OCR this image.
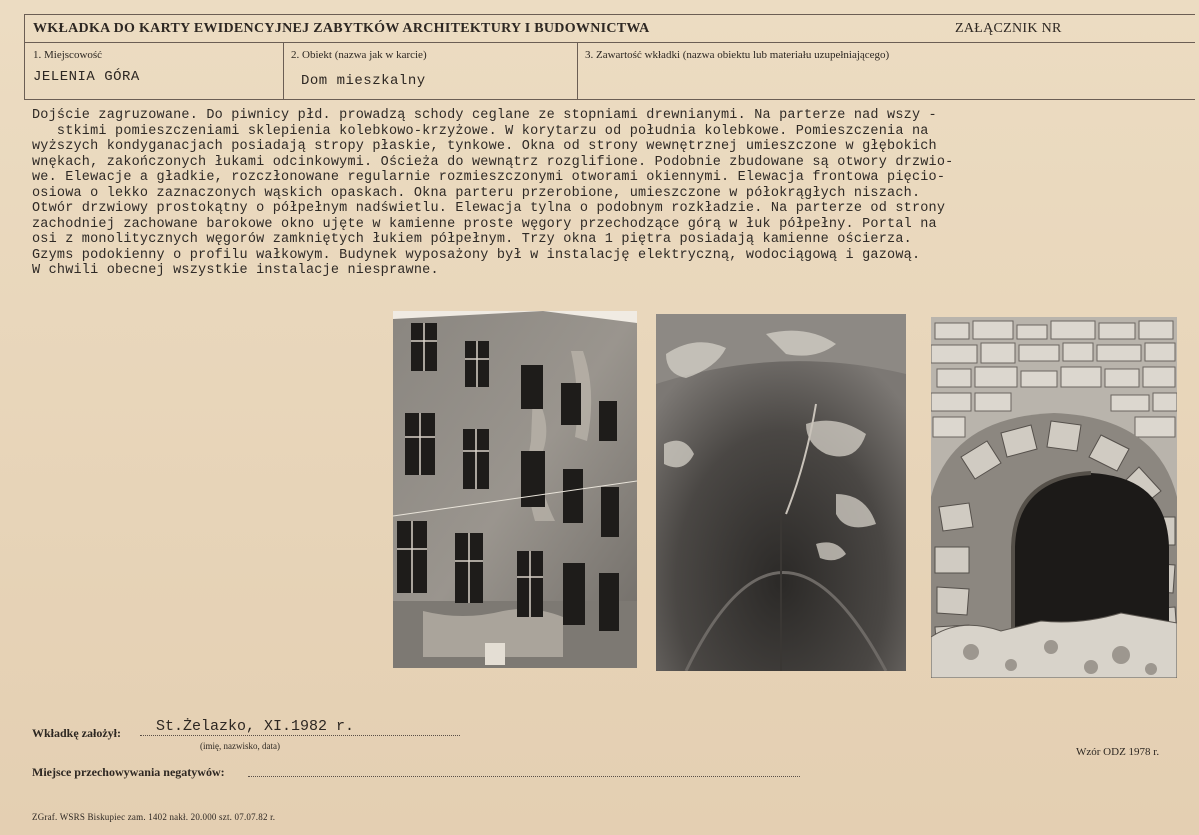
WKŁADKA DO KARTY EWIDENCYJNEJ ZABYTKÓW ARCHITEKTURY I BUDOWNICTWA	ZAŁĄCZNIK NR
1. Miejscowość
JELENIA GÓRA
2. Obiekt (nazwa jak w karcie)
Dom mieszkalny
3. Zawartość wkładki (nazwa obiektu lub materiału uzupełniającego)
Dojście zagruzowane. Do piwnicy płd. prowadzą schody ceglane ze stopniami drewnianymi. Na parterze nad wszy -
stkimi pomieszczeniami sklepienia kolebkowo-krzyżowe. W korytarzu od południa kolebkowe. Pomieszczenia na
wyższych kondyganacjach posiadają stropy płaskie, tynkowe. Okna od strony wewnętrznej umieszczone w głębokich
wnękach, zakończonych łukami odcinkowymi. Ościeża do wewnątrz rozglifione. Podobnie zbudowane są otwory drzwio-
we. Elewacje a gładkie, rozczłonowane regularnie rozmieszczonymi otworami okiennymi. Elewacja frontowa pięcio-
osiowa o lekko zaznaczonych wąskich opaskach. Okna parteru przerobione, umieszczone w półokrągłych niszach.
Otwór drzwiowy prostokątny o półpełnym nadświetlu. Elewacja tylna o podobnym rozkładzie. Na parterze od strony
zachodniej zachowane barokowe okno ujęte w kamienne proste węgory przechodzące górą w łuk półpełny. Portal na
osi z monolitycznych węgorów zamkniętych łukiem półpełnym. Trzy okna 1 piętra posiadają kamienne ościerza.
Gzyms podokienny o profilu wałkowym. Budynek wyposażony był w instalację elektryczną, wodociągową i gazową.
W chwili obecnej wszystkie instalacje niesprawne.
Wkładkę założył: St.Żelazko, XI.1982 r.
(imię, nazwisko, data)	Wzór ODZ 1978 r.
Miejsce przechowywania negatywów:
ZGraf. WSRS Biskupiec zam. 1402 nakł. 20.000 szt. 07.07.82 r.
